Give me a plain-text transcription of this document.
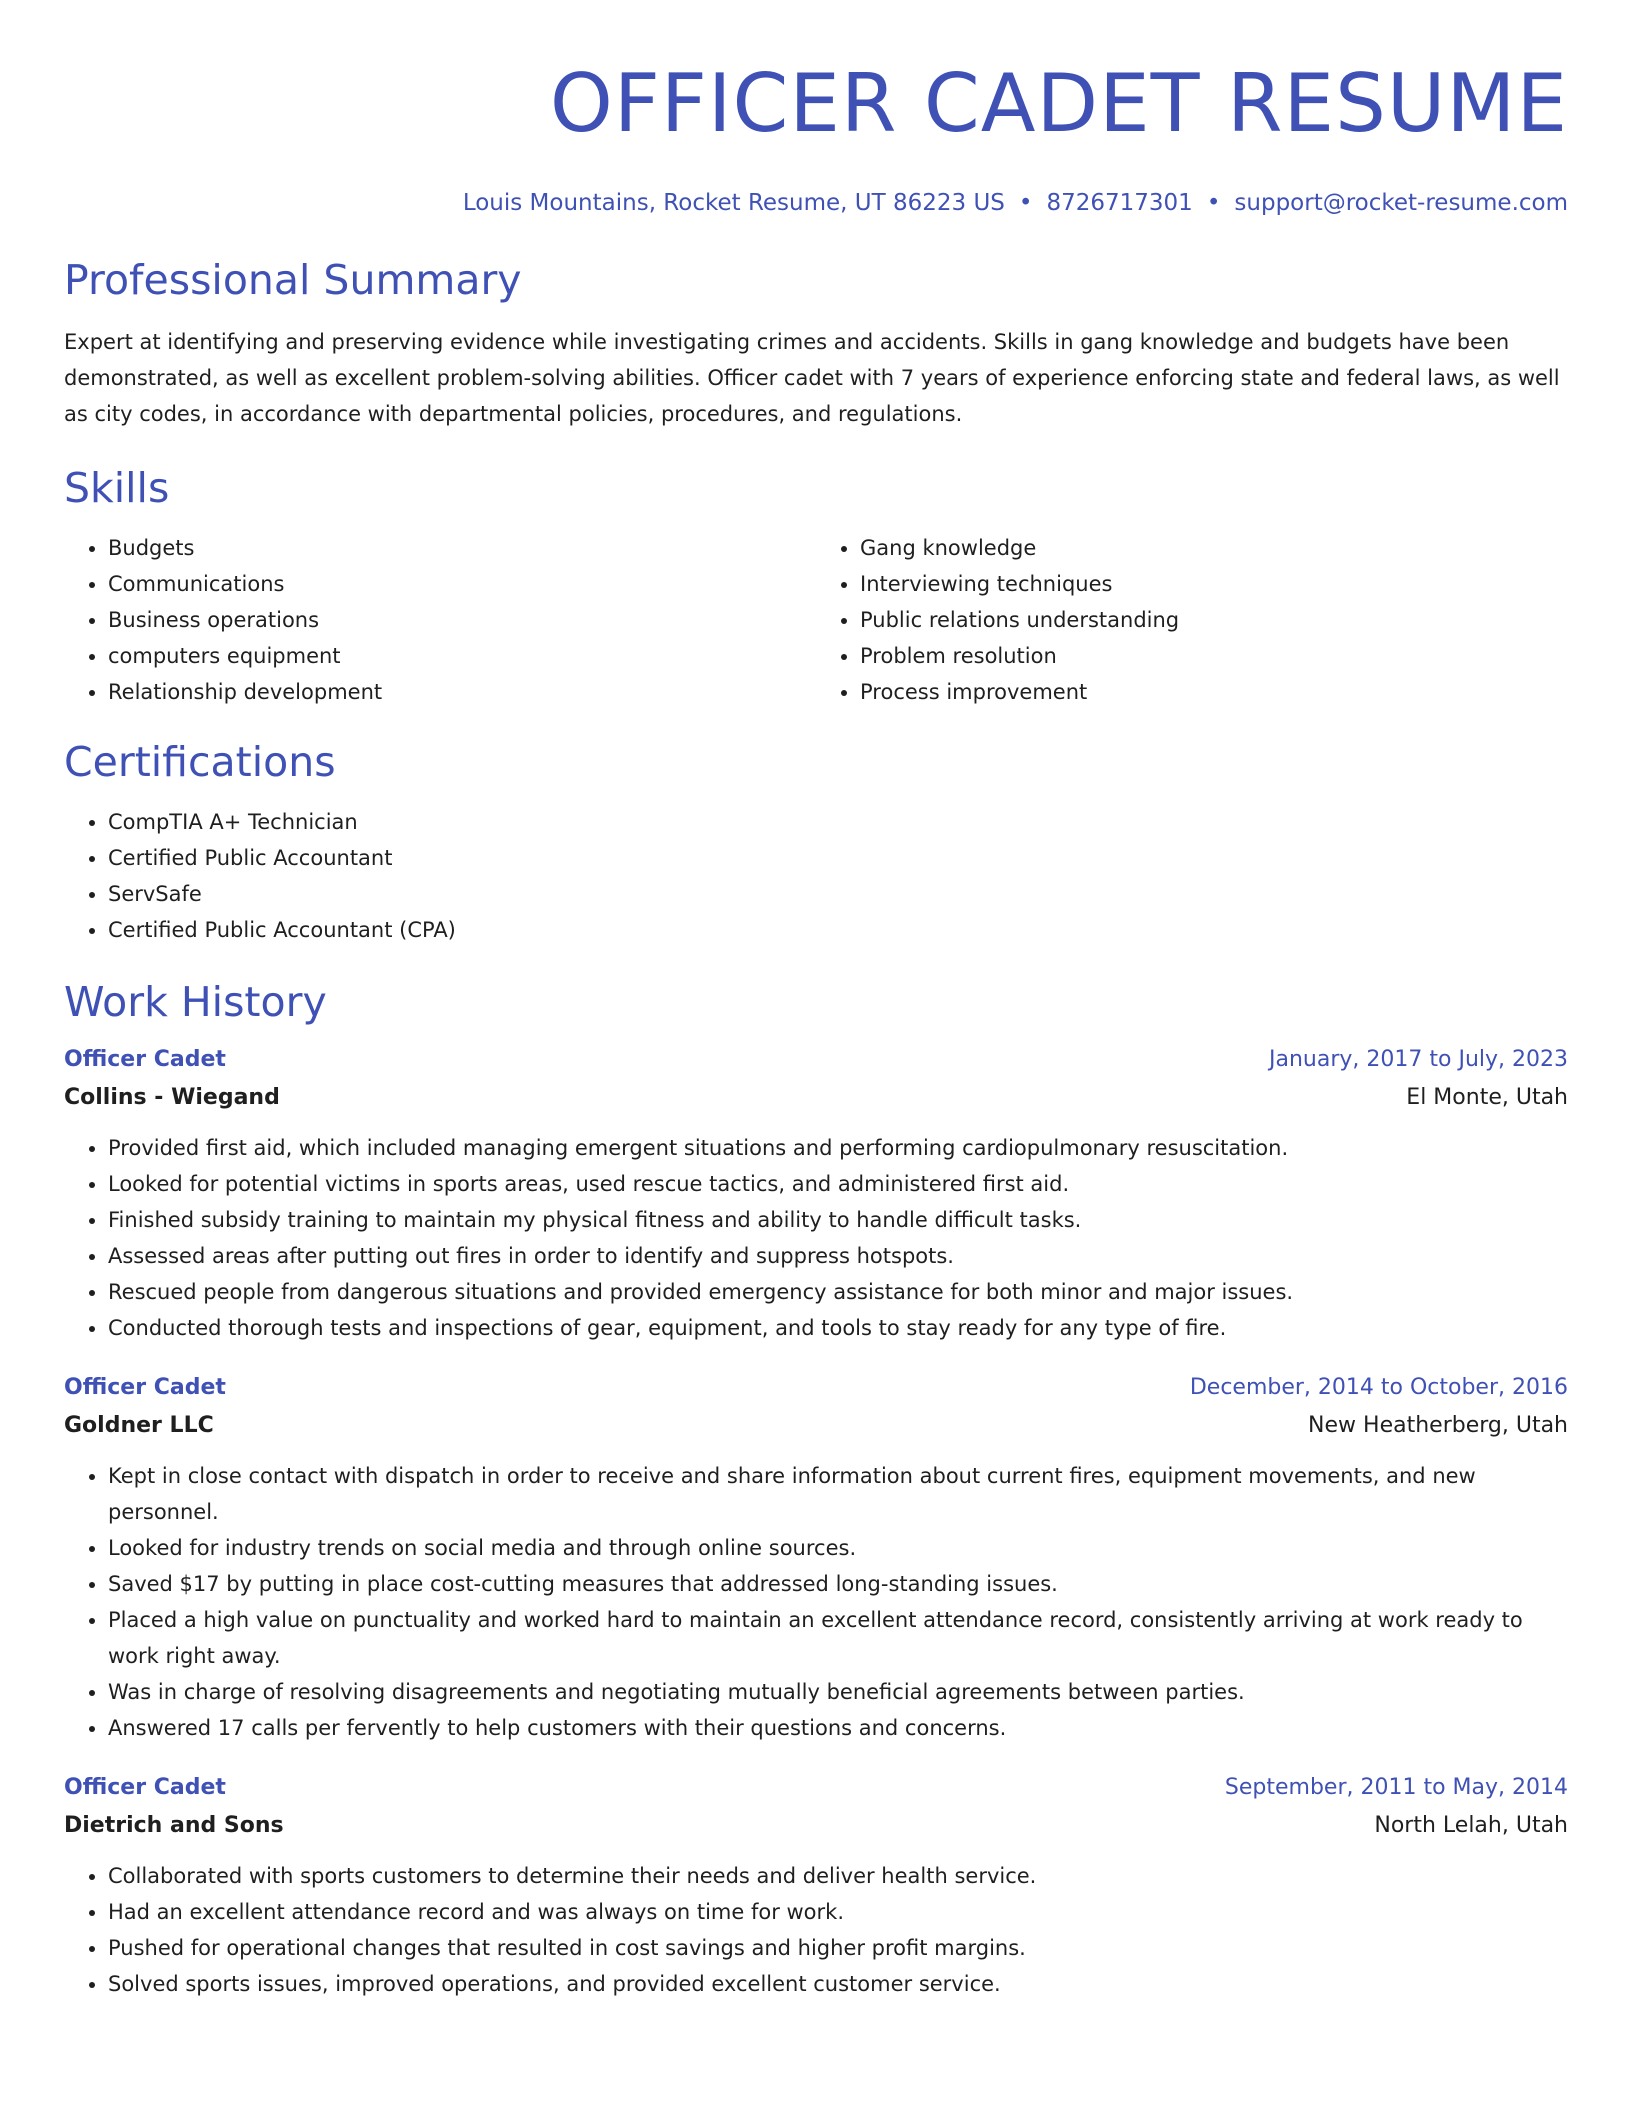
OFFICER CADET RESUME
Louis Mountains, Rocket Resume, UT 86223 US • 8726717301 • support@rocket-resume.com
Professional Summary

Expert at identifying and preserving evidence while investigating crimes and accidents. Skills in gang knowledge and budgets have been demonstrated, as well as excellent problem-solving abilities. Officer cadet with 7 years of experience enforcing state and federal laws, as well as city codes, in accordance with departmental policies, procedures, and regulations.

Skills
• Budgets
• Communications
• Business operations
• computers equipment
• Relationship development
• Gang knowledge
• Interviewing techniques
• Public relations understanding
• Problem resolution
• Process improvement
Certifications
• CompTIA A+ Technician
• Certified Public Accountant
• ServSafe
• Certified Public Accountant (CPA)
Work History
Officer Cadet	January, 2017 to July, 2023
Collins - Wiegand	El Monte, Utah
• Provided first aid, which included managing emergent situations and performing cardiopulmonary resuscitation.
• Looked for potential victims in sports areas, used rescue tactics, and administered first aid.
• Finished subsidy training to maintain my physical fitness and ability to handle difficult tasks.
• Assessed areas after putting out fires in order to identify and suppress hotspots.
• Rescued people from dangerous situations and provided emergency assistance for both minor and major issues.
• Conducted thorough tests and inspections of gear, equipment, and tools to stay ready for any type of fire.
Officer Cadet	December, 2014 to October, 2016
Goldner LLC	New Heatherberg, Utah
• Kept in close contact with dispatch in order to receive and share information about current fires, equipment movements, and new personnel.
• Looked for industry trends on social media and through online sources.
• Saved $17 by putting in place cost-cutting measures that addressed long-standing issues.
• Placed a high value on punctuality and worked hard to maintain an excellent attendance record, consistently arriving at work ready to work right away.
• Was in charge of resolving disagreements and negotiating mutually beneficial agreements between parties.
• Answered 17 calls per fervently to help customers with their questions and concerns.
Officer Cadet	September, 2011 to May, 2014
Dietrich and Sons	North Lelah, Utah
• Collaborated with sports customers to determine their needs and deliver health service.
• Had an excellent attendance record and was always on time for work.
• Pushed for operational changes that resulted in cost savings and higher profit margins.
• Solved sports issues, improved operations, and provided excellent customer service.
